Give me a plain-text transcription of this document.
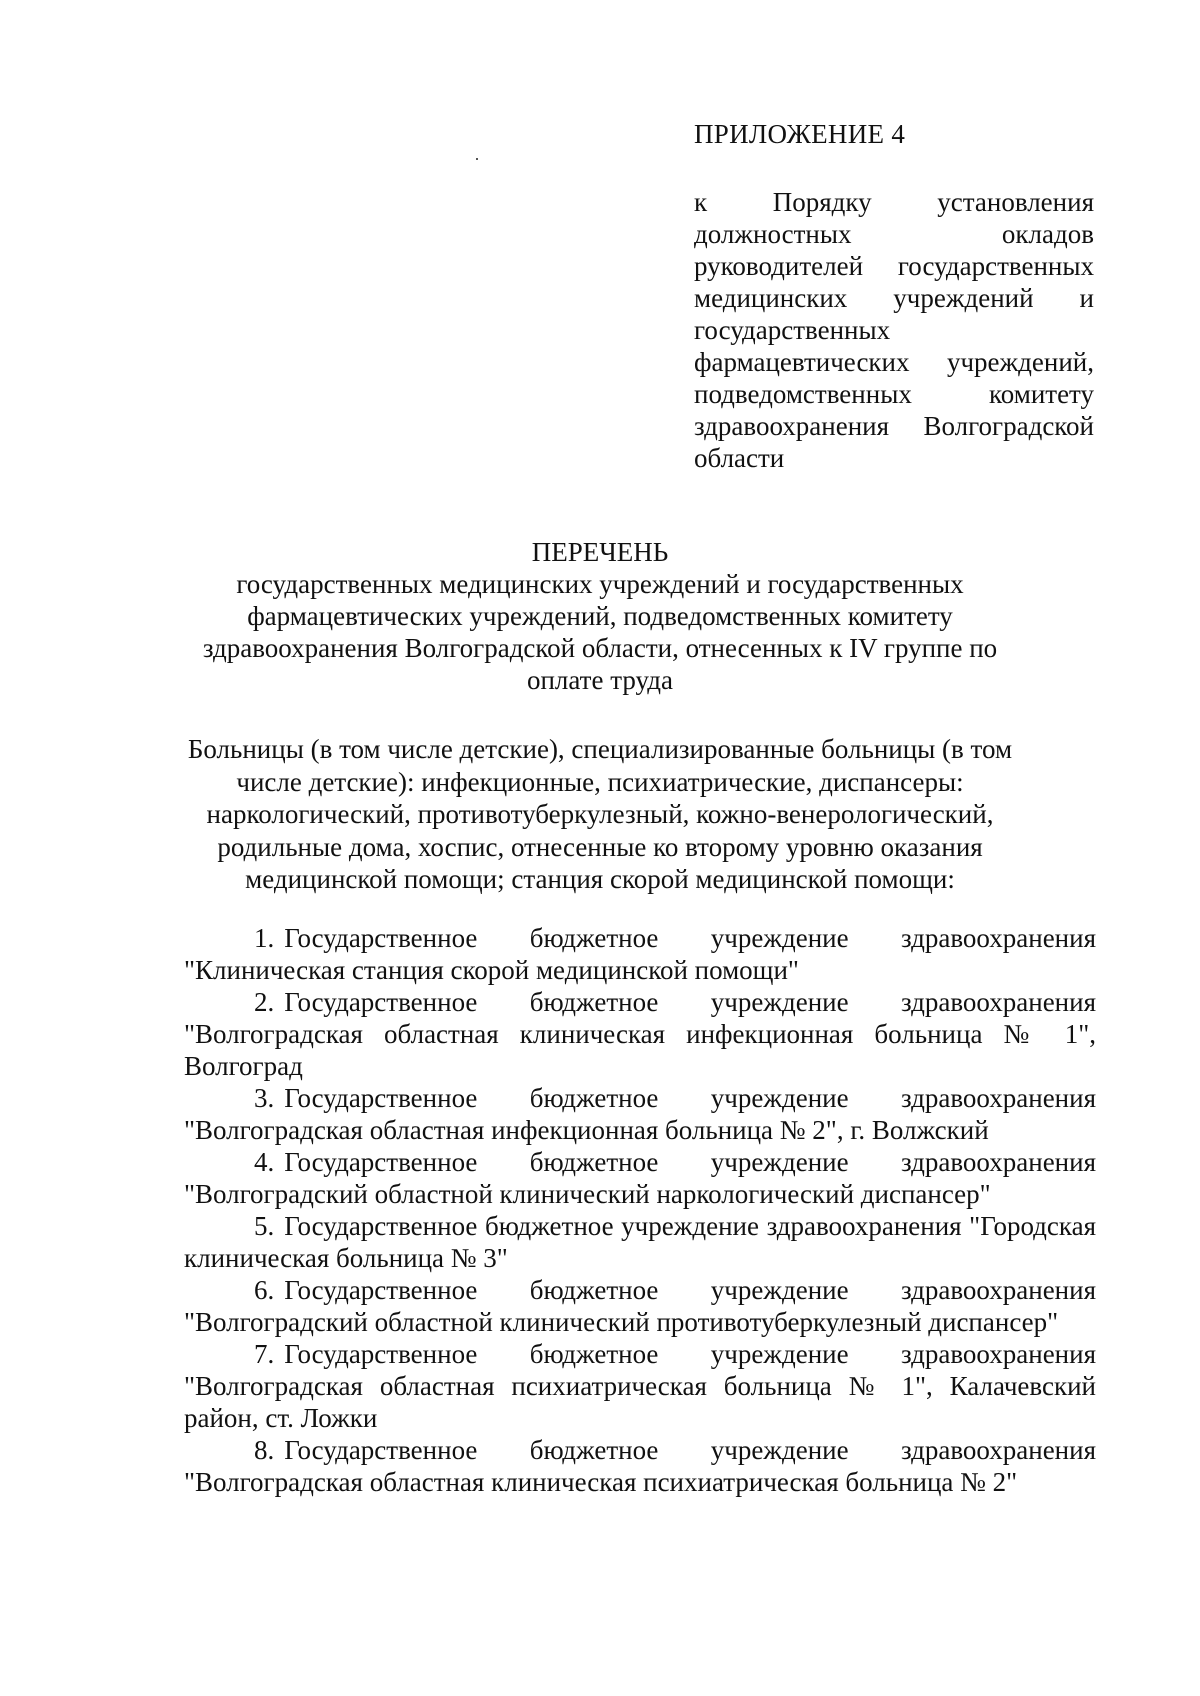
ПРИЛОЖЕНИЕ 4
к Порядку установления должностных окладов руководителей государственных медицинских учреждений и государственных фармацевтических учреждений, подведомственных комитету здравоохранения Волгоградской области
ПЕРЕЧЕНЬ
государственных медицинских учреждений и государственных фармацевтических учреждений, подведомственных комитету здравоохранения Волгоградской области, отнесенных к IV группе по оплате труда
Больницы (в том числе детские), специализированные больницы (в том числе детские): инфекционные, психиатрические, диспансеры: наркологический, противотуберкулезный, кожно-венерологический, родильные дома, хоспис, отнесенные ко второму уровню оказания медицинской помощи; станция скорой медицинской помощи:
1. Государственное бюджетное учреждение здравоохранения "Клиническая станция скорой медицинской помощи"
2. Государственное бюджетное учреждение здравоохранения "Волгоградская областная клиническая инфекционная больница № 1", Волгоград
3. Государственное бюджетное учреждение здравоохранения "Волгоградская областная инфекционная больница № 2", г. Волжский
4. Государственное бюджетное учреждение здравоохранения "Волгоградский областной клинический наркологический диспансер"
5. Государственное бюджетное учреждение здравоохранения "Городская клиническая больница № 3"
6. Государственное бюджетное учреждение здравоохранения "Волгоградский областной клинический противотуберкулезный диспансер"
7. Государственное бюджетное учреждение здравоохранения "Волгоградская областная психиатрическая больница № 1", Калачевский район, ст. Ложки
8. Государственное бюджетное учреждение здравоохранения "Волгоградская областная клиническая психиатрическая больница № 2"
